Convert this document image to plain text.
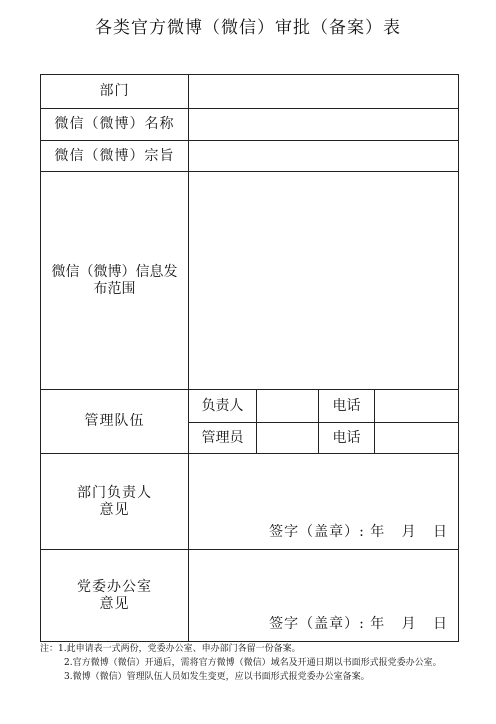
各类官方微博（微信）审批（备案）表
部门				
微信（微博）名称				
微信（微博）宗旨				

微信（微博）信息发
布范围				

管理队伍	负责人		电话	
	管理员		电话	

部门负责人
意见	签字（盖章）: 年   月   日			

党委办公室
意见	签字（盖章）: 年   月   日			

注：1.此申请表一式两份，党委办公室、申办部门各留一份备案。

2.官方微博（微信）开通后，需将官方微博（微信）域名及开通日期以书面形式报党委办公室。

3.微博（微信）管理队伍人员如发生变更，应以书面形式报党委办公室备案。
